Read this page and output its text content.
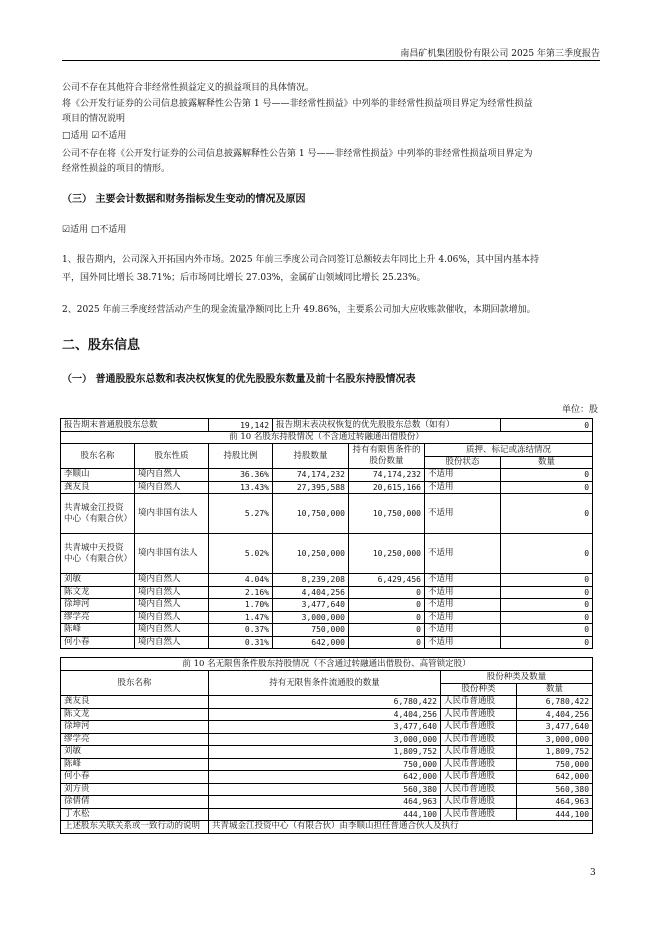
南昌矿机集团股份有限公司 2025 年第三季度报告
公司不存在其他符合非经常性损益定义的损益项目的具体情况。
将《公开发行证券的公司信息披露解释性公告第 1 号——非经常性损益》中列举的非经常性损益项目界定为经常性损益
项目的情况说明
□适用 ☑不适用
公司不存在将《公开发行证券的公司信息披露解释性公告第 1 号——非经常性损益》中列举的非经常性损益项目界定为
经常性损益的项目的情形。
（三） 主要会计数据和财务指标发生变动的情况及原因
☑适用 □不适用
1、报告期内，公司深入开拓国内外市场。2025 年前三季度公司合同签订总额较去年同比上升 4.06%，其中国内基本持
平，国外同比增长 38.71%；后市场同比增长 27.03%，金属矿山领域同比增长 25.23%。
2、2025 年前三季度经营活动产生的现金流量净额同比上升 49.86%，主要系公司加大应收账款催收，本期回款增加。
二、股东信息
（一） 普通股股东总数和表决权恢复的优先股股东数量及前十名股东持股情况表
单位：股
报告期末普通股股东总数	19,142	报告期末表决权恢复的优先股股东总数（如有）	0
前 10 名股东持股情况（不含通过转融通出借股份）
股东名称	股东性质	持股比例	持股数量	持有有限售条件的股份数量	质押、标记或冻结情况	
					股份状态	数量
李顺山	境内自然人	36.36%	74,174,232	74,174,232	不适用	0
龚友良	境内自然人	13.43%	27,395,588	20,615,166	不适用	0
共青城金江投资中心（有限合伙）	境内非国有法人	5.27%	10,750,000	10,750,000	不适用	0
共青城中天投资中心（有限合伙）	境内非国有法人	5.02%	10,250,000	10,250,000	不适用	0
刘敏	境内自然人	4.04%	8,239,208	6,429,456	不适用	0
陈文龙	境内自然人	2.16%	4,404,256	0	不适用	0
徐坤河	境内自然人	1.70%	3,477,640	0	不适用	0
缪学亮	境内自然人	1.47%	3,000,000	0	不适用	0
陈峰	境内自然人	0.37%	750,000	0	不适用	0
何小春	境内自然人	0.31%	642,000	0	不适用	0
前 10 名无限售条件股东持股情况（不含通过转融通出借股份、高管锁定股）			
股东名称	持有无限售条件流通股的数量	股份种类及数量	
		股份种类	数量
龚友良	6,780,422	人民币普通股	6,780,422
陈文龙	4,404,256	人民币普通股	4,404,256
徐坤河	3,477,640	人民币普通股	3,477,640
缪学亮	3,000,000	人民币普通股	3,000,000
刘敏	1,809,752	人民币普通股	1,809,752
陈峰	750,000	人民币普通股	750,000
何小春	642,000	人民币普通股	642,000
刘方贵	560,380	人民币普通股	560,380
徐倩倩	464,963	人民币普通股	464,963
丁水松	444,100	人民币普通股	444,100
上述股东关联关系或一致行动的说明	共青城金江投资中心（有限合伙）由李顺山担任普通合伙人及执行		
3
